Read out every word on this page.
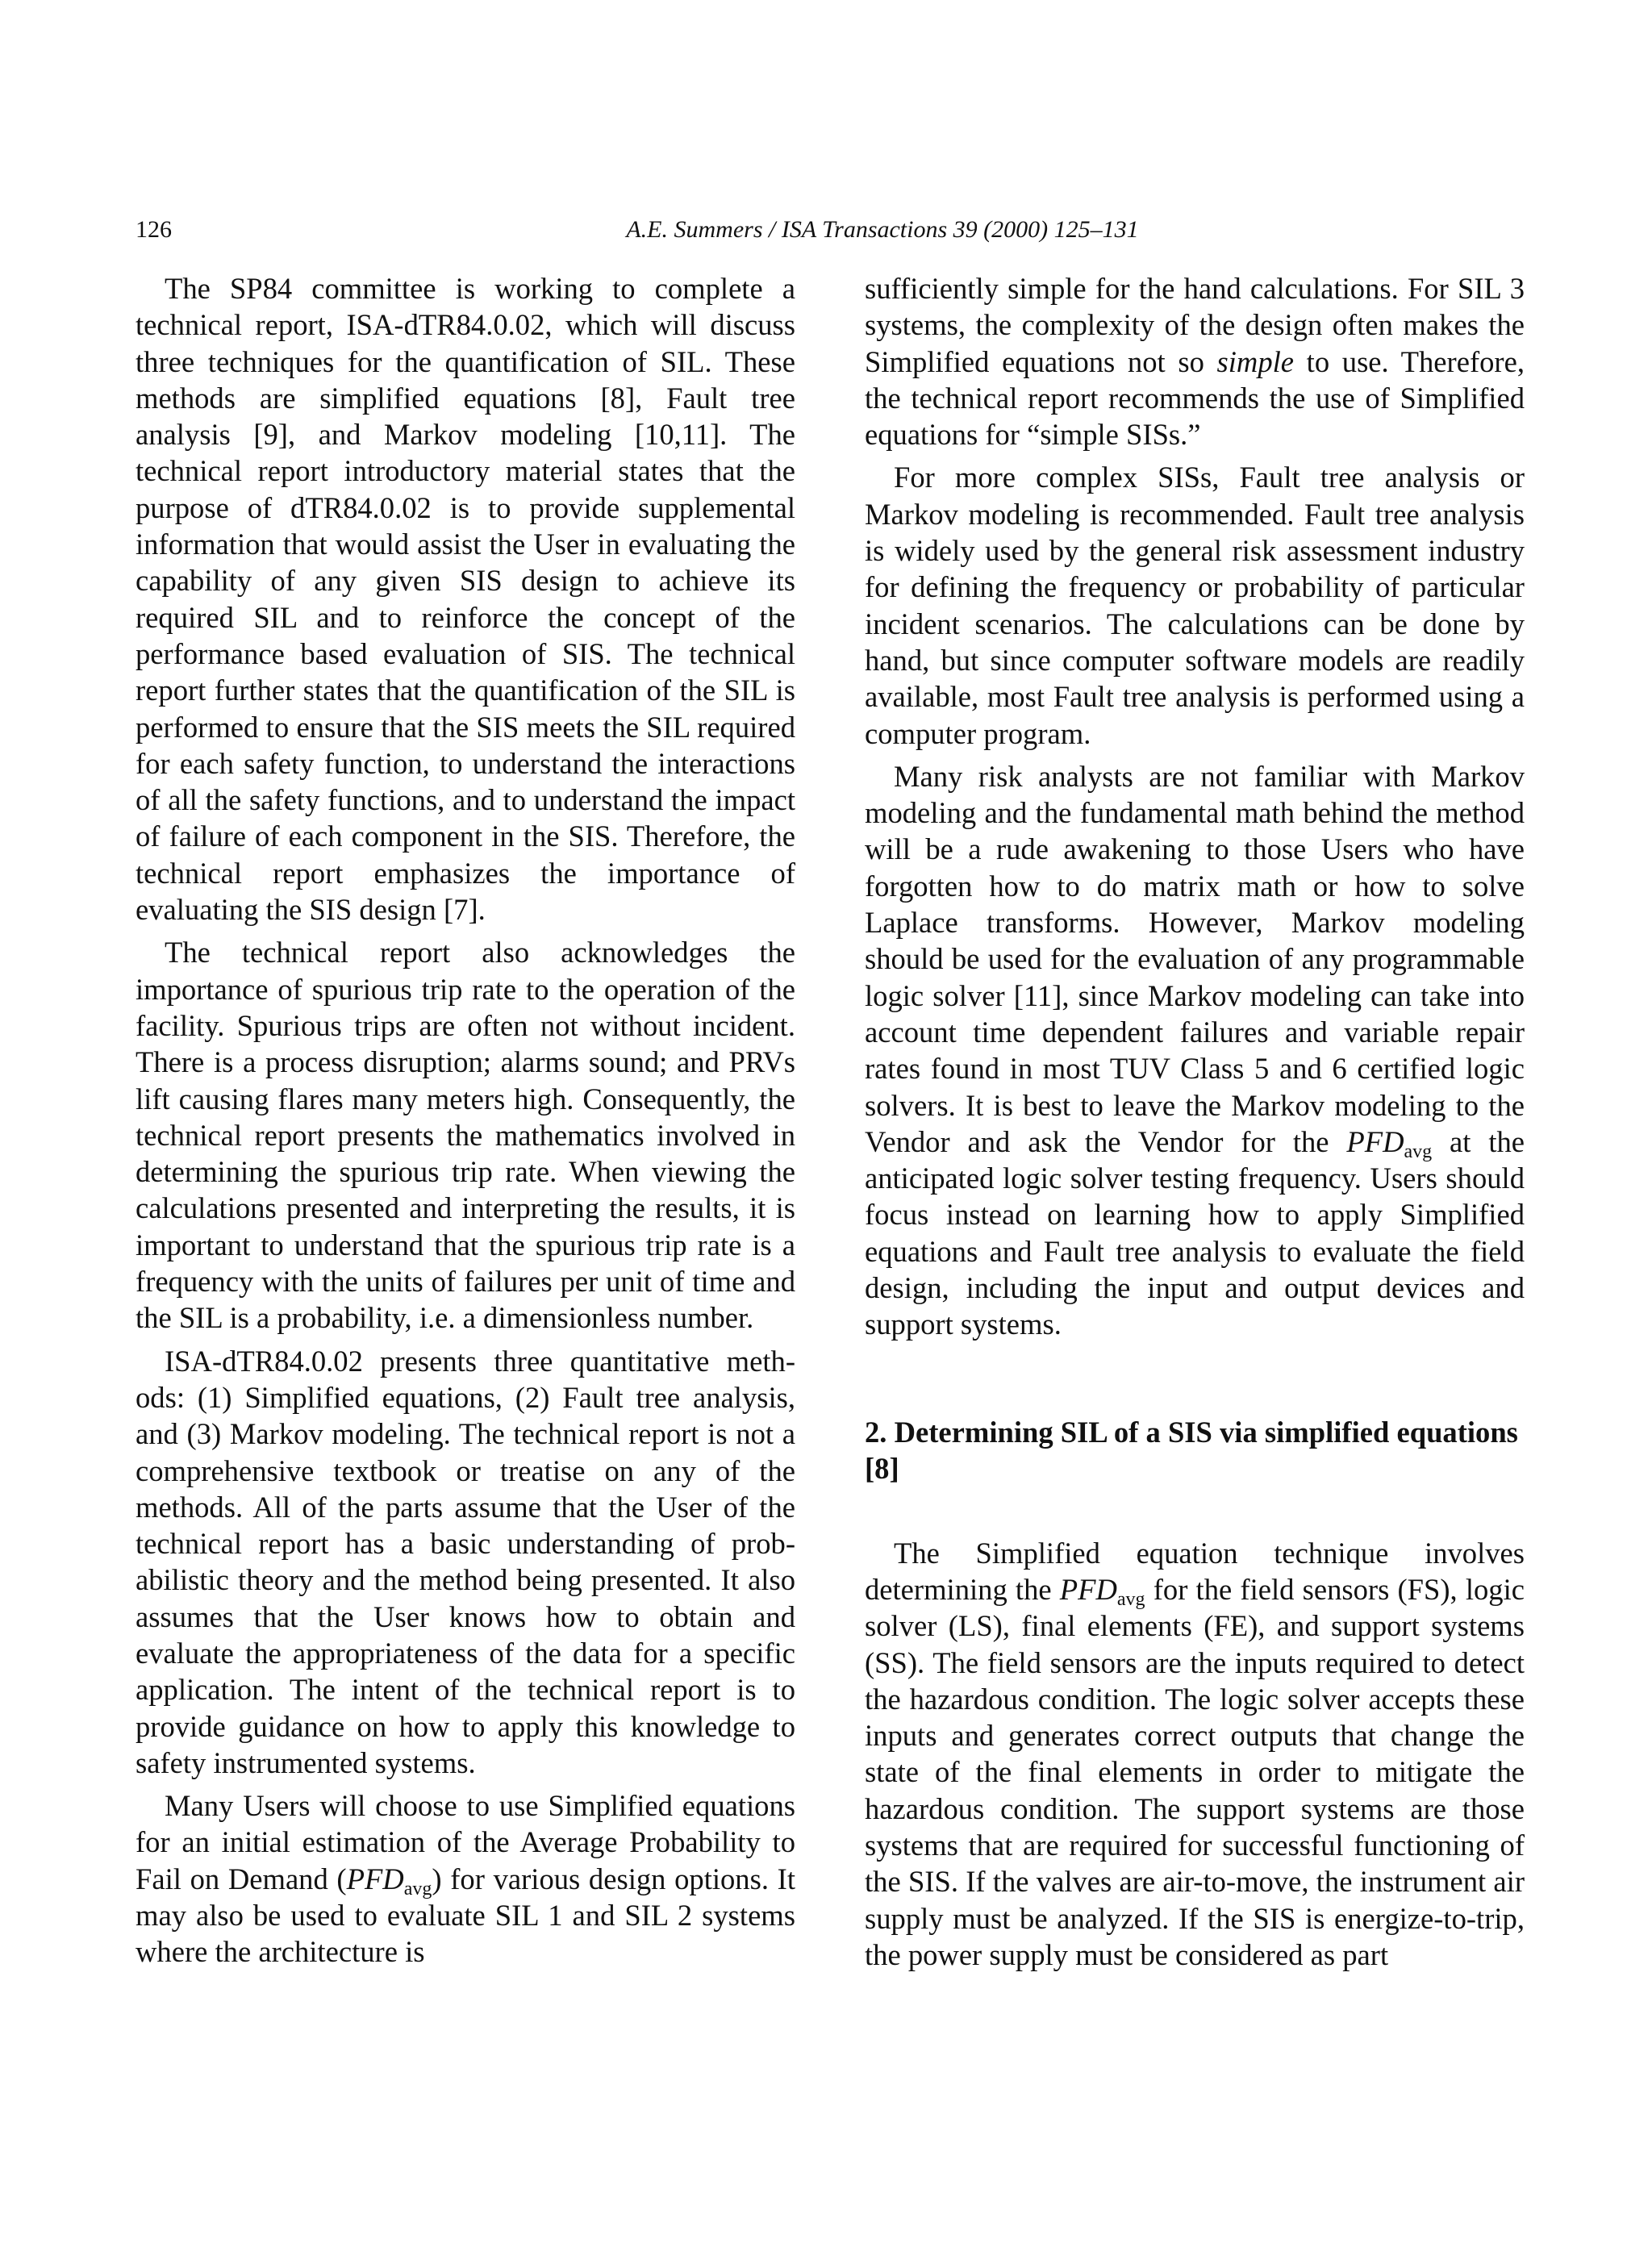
126	A.E. Summers / ISA Transactions 39 (2000) 125–131

The SP84 committee is working to complete a technical report, ISA-dTR84.0.02, which will discuss three techniques for the quantification of SIL. These methods are simplified equations [8], Fault tree analysis [9], and Markov modeling [10,11]. The technical report introductory material states that the purpose of dTR84.0.02 is to provide supplemental information that would assist the User in evaluating the capability of any given SIS design to achieve its required SIL and to reinforce the concept of the performance based evaluation of SIS. The technical report further states that the quantification of the SIL is performed to ensure that the SIS meets the SIL required for each safety function, to understand the interactions of all the safety functions, and to understand the impact of failure of each component in the SIS. Therefore, the technical report emphasizes the importance of evaluating the SIS design [7].

The technical report also acknowledges the importance of spurious trip rate to the operation of the facility. Spurious trips are often not without incident. There is a process disruption; alarms sound; and PRVs lift causing flares many meters high. Consequently, the technical report presents the mathematics involved in determining the spurious trip rate. When viewing the calculations presented and interpreting the results, it is important to understand that the spurious trip rate is a frequency with the units of failures per unit of time and the SIL is a probability, i.e. a dimensionless number.

ISA-dTR84.0.02 presents three quantitative methods: (1) Simplified equations, (2) Fault tree analysis, and (3) Markov modeling. The technical report is not a comprehensive textbook or treatise on any of the methods. All of the parts assume that the User of the technical report has a basic understanding of probabilistic theory and the method being presented. It also assumes that the User knows how to obtain and evaluate the appropriateness of the data for a specific application. The intent of the technical report is to provide guidance on how to apply this knowledge to safety instrumented systems.

Many Users will choose to use Simplified equations for an initial estimation of the Average Probability to Fail on Demand $(PFD_{avg})$ for various design options. It may also be used to evaluate SIL 1 and SIL 2 systems where the architecture is

sufficiently simple for the hand calculations. For SIL 3 systems, the complexity of the design often makes the Simplified equations not so simple to use. Therefore, the technical report recommends the use of Simplified equations for “simple SISs.”

For more complex SISs, Fault tree analysis or Markov modeling is recommended. Fault tree analysis is widely used by the general risk assessment industry for defining the frequency or probability of particular incident scenarios. The calculations can be done by hand, but since computer software models are readily available, most Fault tree analysis is performed using a computer program.

Many risk analysts are not familiar with Markov modeling and the fundamental math behind the method will be a rude awakening to those Users who have forgotten how to do matrix math or how to solve Laplace transforms. However, Markov modeling should be used for the evaluation of any programmable logic solver [11], since Markov modeling can take into account time dependent failures and variable repair rates found in most TUV Class 5 and 6 certified logic solvers. It is best to leave the Markov modeling to the Vendor and ask the Vendor for the $PFD_{avg}$ at the anticipated logic solver testing frequency. Users should focus instead on learning how to apply Simplified equations and Fault tree analysis to evaluate the field design, including the input and output devices and support systems.

2. Determining SIL of a SIS via simplified equations [8]

The Simplified equation technique involves determining the $PFD_{avg}$ for the field sensors (FS), logic solver (LS), final elements (FE), and support systems (SS). The field sensors are the inputs required to detect the hazardous condition. The logic solver accepts these inputs and generates correct outputs that change the state of the final elements in order to mitigate the hazardous condition. The support systems are those systems that are required for successful functioning of the SIS. If the valves are air-to-move, the instrument air supply must be analyzed. If the SIS is energize-to-trip, the power supply must be considered as part
